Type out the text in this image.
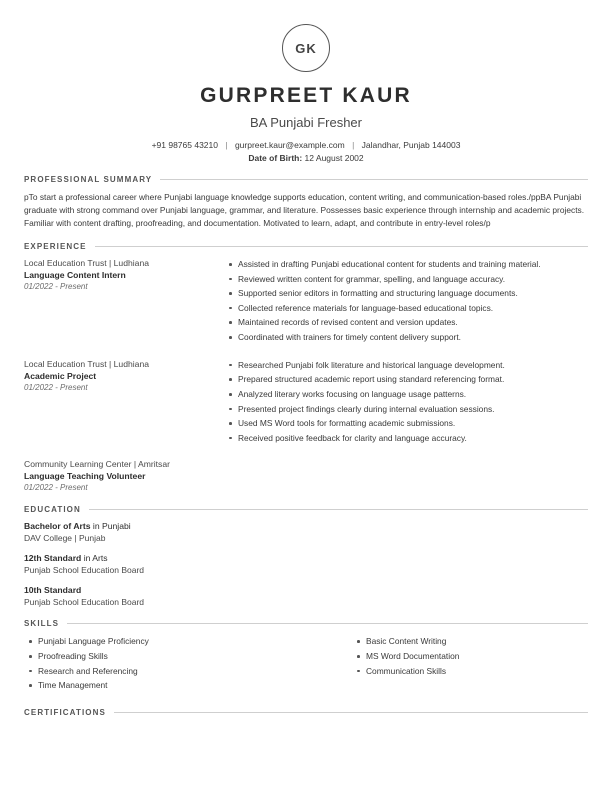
GK
GURPREET KAUR
BA Punjabi Fresher
+91 98765 43210 | gurpreet.kaur@example.com | Jalandhar, Punjab 144003
Date of Birth: 12 August 2002
PROFESSIONAL SUMMARY
pTo start a professional career where Punjabi language knowledge supports education, content writing, and communication-based roles./ppBA Punjabi graduate with strong command over Punjabi language, grammar, and literature. Possesses basic experience through internship and academic projects. Familiar with content drafting, proofreading, and documentation. Motivated to learn, adapt, and contribute in entry-level roles/p
EXPERIENCE
Local Education Trust | Ludhiana
Language Content Intern
01/2022 - Present
Assisted in drafting Punjabi educational content for students and training material.
Reviewed written content for grammar, spelling, and language accuracy.
Supported senior editors in formatting and structuring language documents.
Collected reference materials for language-based educational topics.
Maintained records of revised content and version updates.
Coordinated with trainers for timely content delivery support.
Local Education Trust | Ludhiana
Academic Project
01/2022 - Present
Researched Punjabi folk literature and historical language development.
Prepared structured academic report using standard referencing format.
Analyzed literary works focusing on language usage patterns.
Presented project findings clearly during internal evaluation sessions.
Used MS Word tools for formatting academic submissions.
Received positive feedback for clarity and language accuracy.
Community Learning Center | Amritsar
Language Teaching Volunteer
01/2022 - Present
EDUCATION
Bachelor of Arts in Punjabi
DAV College | Punjab
12th Standard in Arts
Punjab School Education Board
10th Standard
Punjab School Education Board
SKILLS
Punjabi Language Proficiency
Proofreading Skills
Research and Referencing
Time Management
Basic Content Writing
MS Word Documentation
Communication Skills
CERTIFICATIONS
